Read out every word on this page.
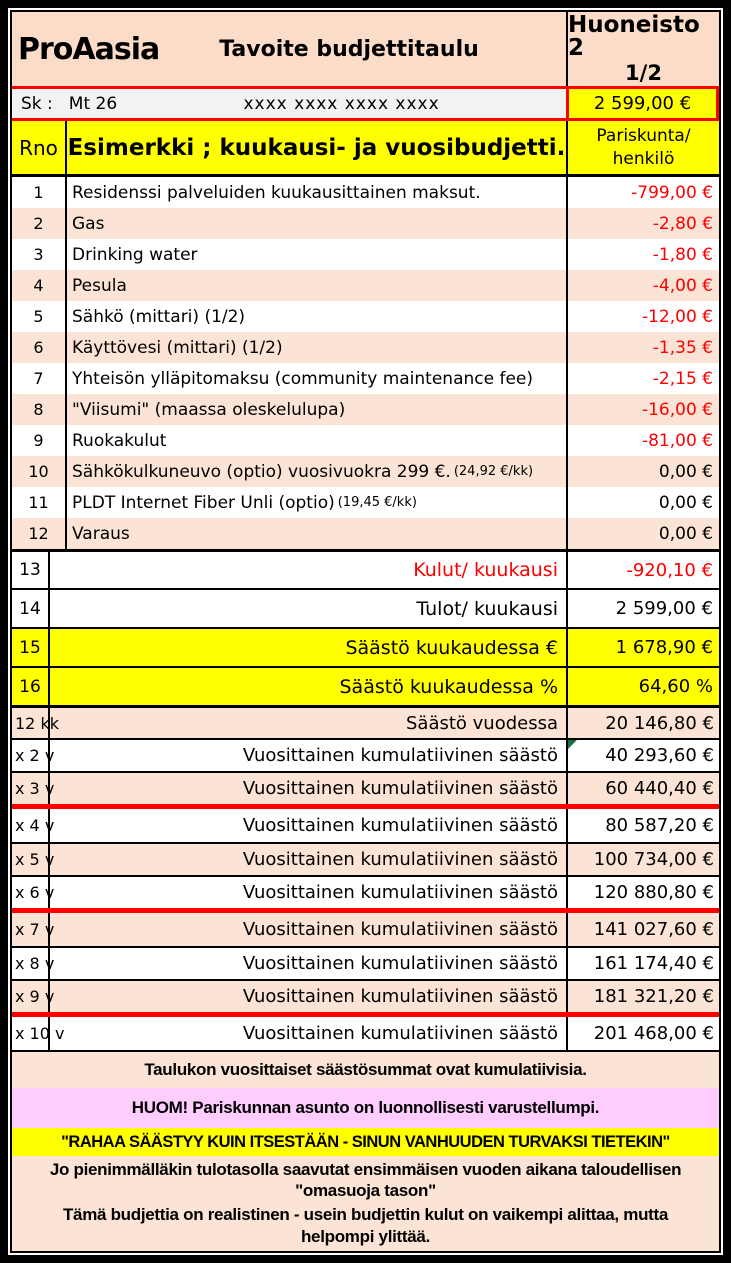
ProAasia	Tavoite budjettitaulu
Huoneisto 2
1/2
Sk : Mt 26	xxxx xxxx xxxx xxxx	2 599,00 €
Rno Esimerkki ; kuukausi- ja vuosibudjetti. Pariskunta/
henkilö
1	Residenssi palveluiden kuukausittainen maksut.	-799,00 €
2	Gas	-2,80 €
3	Drinking water	-1,80 €
4	Pesula	-4,00 €
5	Sähkö (mittari) (1/2)	-12,00 €
6	Käyttövesi (mittari) (1/2)	-1,35 €
7	Yhteisön ylläpitomaksu (community maintenance fee)	-2,15 €
8	"Viisumi" (maassa oleskelulupa)	-16,00 €
9	Ruokakulut	-81,00 €
10	Sähkökulkuneuvo (optio) vuosivuokra 299 €. (24,92 €/kk)	0,00 €
11	PLDT Internet Fiber Unli (optio) (19,45 €/kk)	0,00 €
12	Varaus	0,00 €
13	Kulut/ kuukausi	-920,10 €
14	Tulot/ kuukausi	2 599,00 €
15	Säästö kuukaudessa €	1 678,90 €
16	Säästö kuukaudessa %	64,60 %
12 kk	Säästö vuodessa	20 146,80 €
x 2 v	Vuosittainen kumulatiivinen säästö	40 293,60 €
x 3 v	Vuosittainen kumulatiivinen säästö	60 440,40 €
x 4 v	Vuosittainen kumulatiivinen säästö	80 587,20 €
x 5 v	Vuosittainen kumulatiivinen säästö	100 734,00 €
x 6 v	Vuosittainen kumulatiivinen säästö	120 880,80 €
x 7 v	Vuosittainen kumulatiivinen säästö	141 027,60 €
x 8 v	Vuosittainen kumulatiivinen säästö	161 174,40 €
x 9 v	Vuosittainen kumulatiivinen säästö	181 321,20 €
x 10 v	Vuosittainen kumulatiivinen säästö	201 468,00 €
Taulukon vuosittaiset säästösummat ovat kumulatiivisia.
HUOM! Pariskunnan asunto on luonnollisesti varustellumpi.
"RAHAA SÄÄSTYY KUIN ITSESTÄÄN - SINUN VANHUUDEN TURVAKSI TIETEKIN"
Jo pienimmälläkin tulotasolla saavutat ensimmäisen vuoden aikana taloudellisen "omasuoja tason"
Tämä budjettia on realistinen - usein budjettin kulut on vaikempi alittaa, mutta helpompi ylittää.
